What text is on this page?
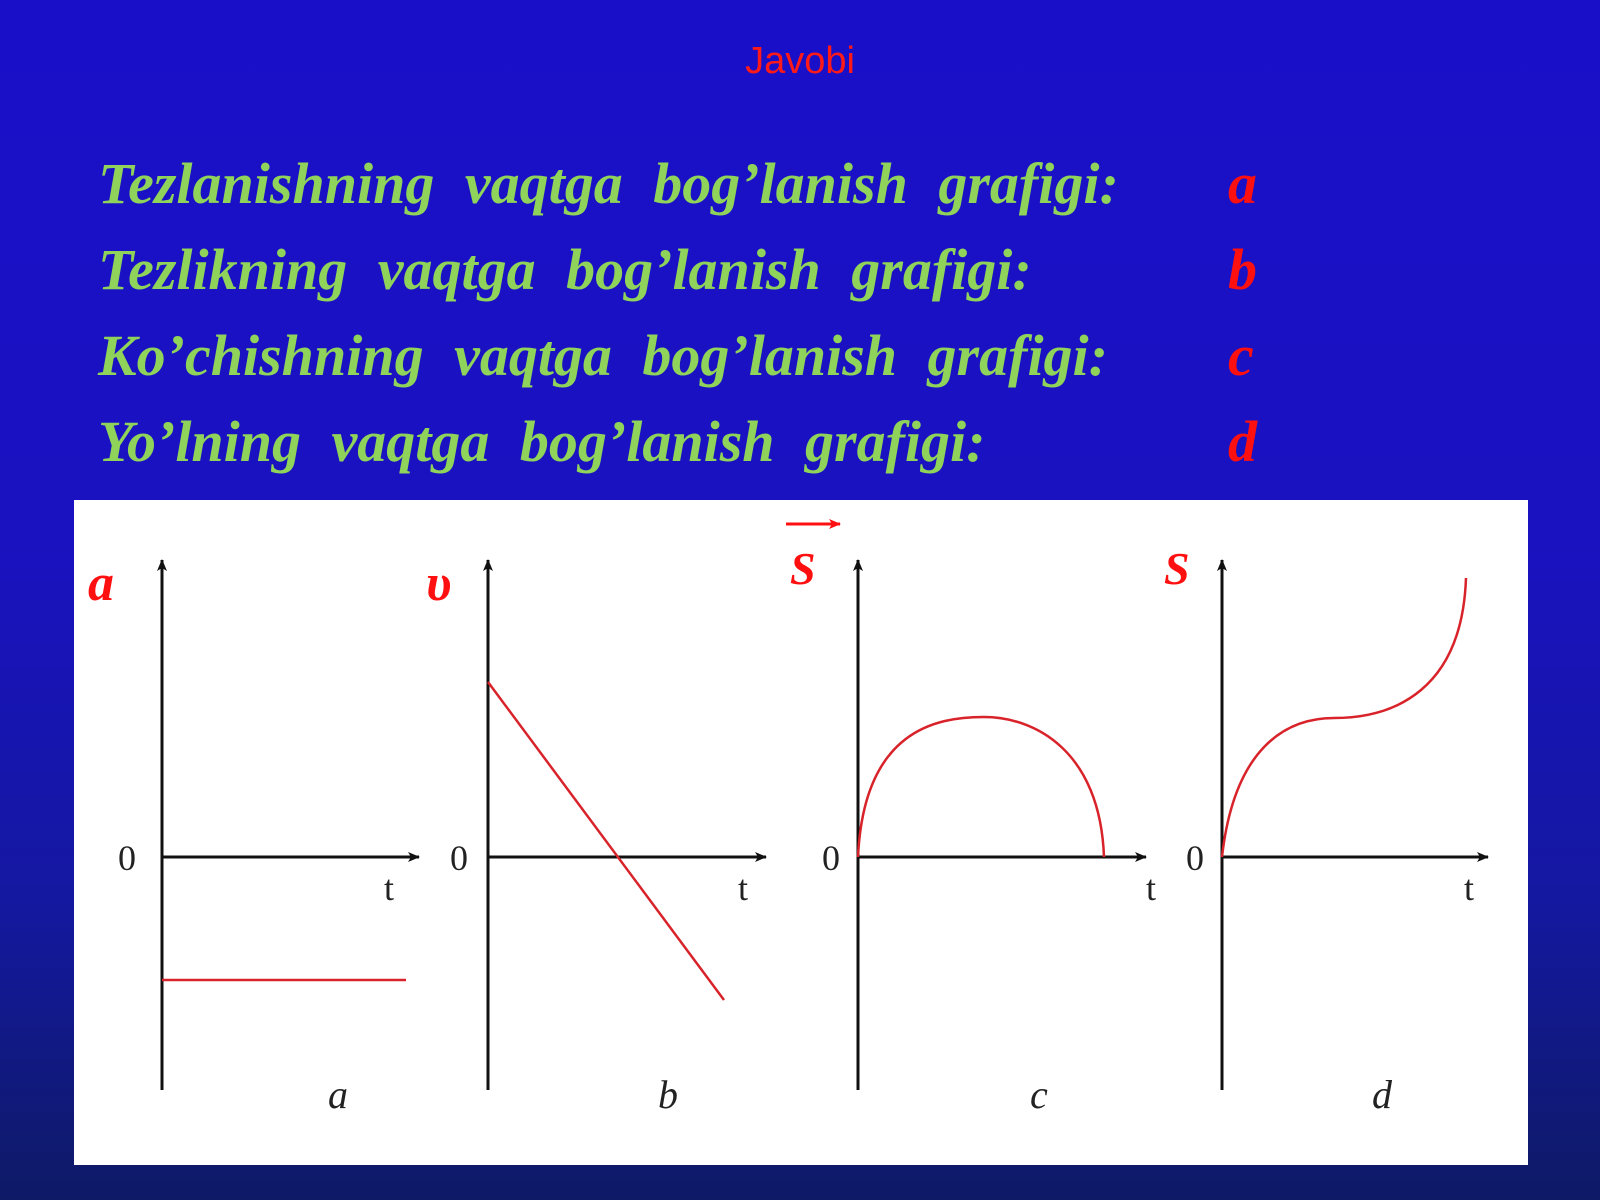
Javobi
Tezlanishning vaqtga bog’lanish grafigi: a
Tezlikning vaqtga bog’lanish grafigi:	b
Ko’chishning vaqtga bog’lanish grafigi: c
Yo’lning vaqtga bog’lanish grafigi:	d
a
0
t
a
υ
0
t
b
S
0
t
c
S
0
t
d
